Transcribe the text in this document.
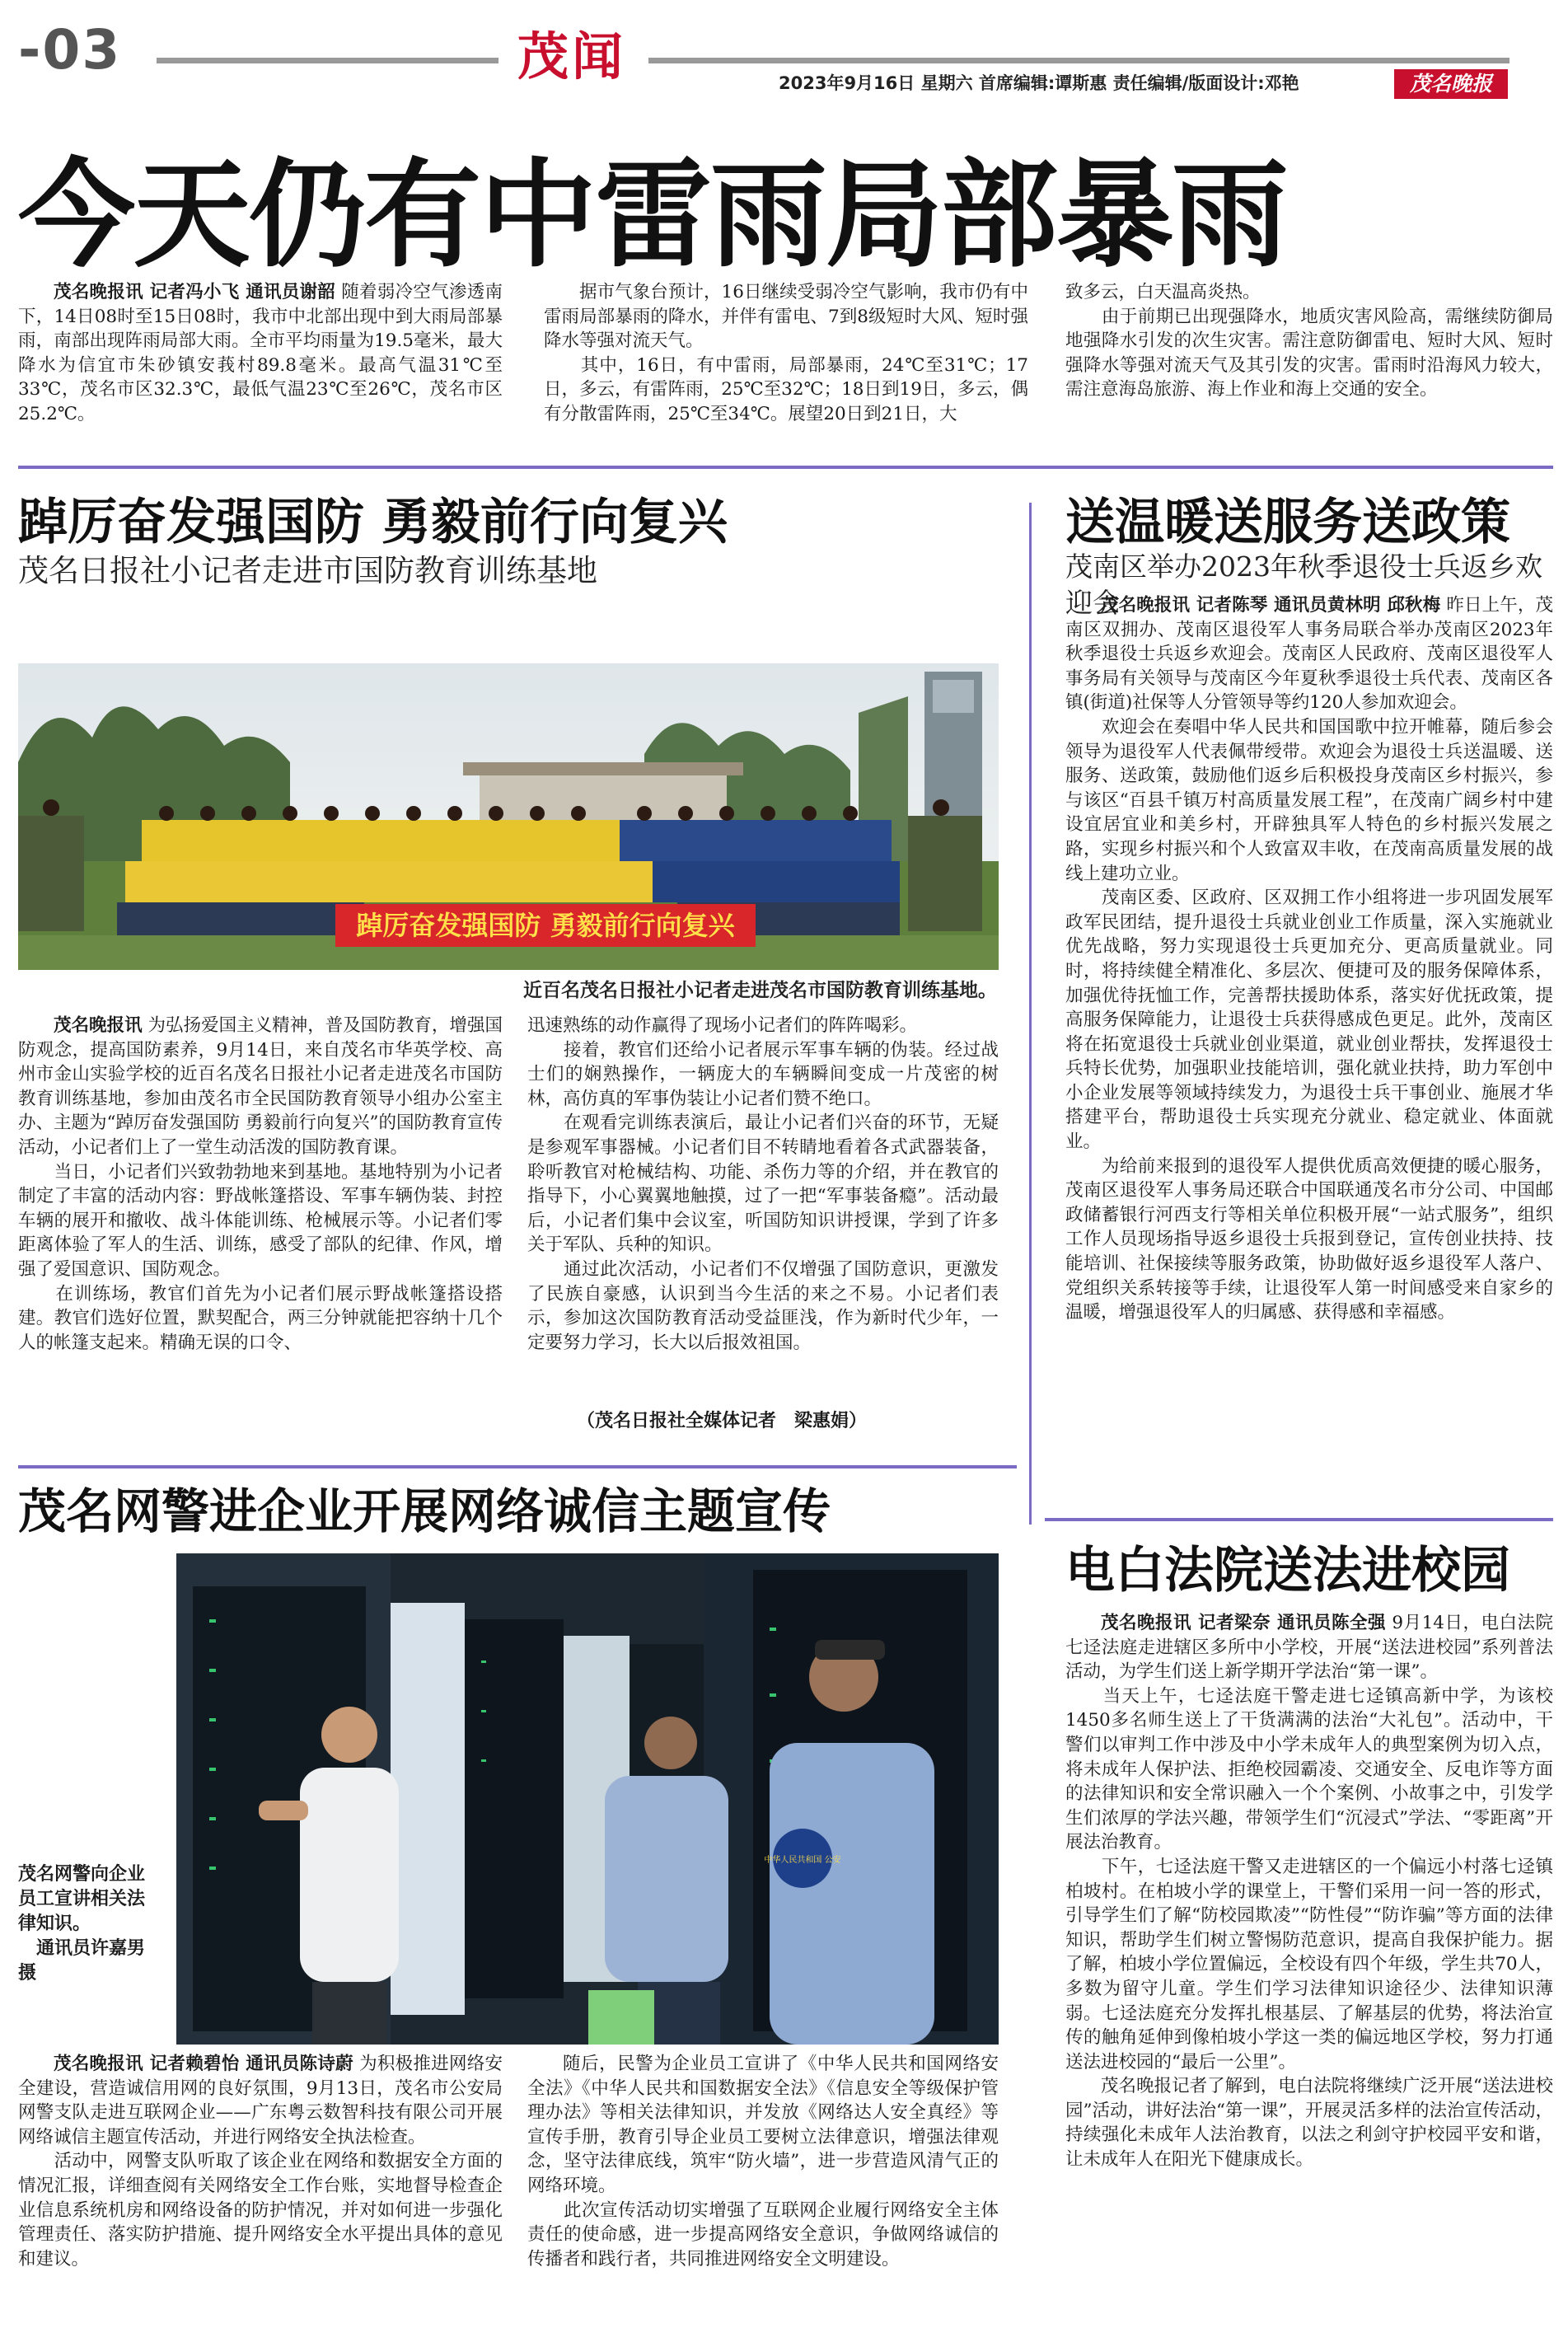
-03	茂闻	2023年9月16日 星期六 首席编辑:谭斯惠 责任编辑/版面设计:邓艳	茂名晚报
今天仍有中雷雨局部暴雨

茂名晚报讯 记者冯小飞 通讯员谢韶 随着弱冷空气渗透南下，14日08时至15日08时，我市中北部出现中到大雨局部暴雨，南部出现阵雨局部大雨。全市平均雨量为19.5毫米，最大降水为信宜市朱砂镇安莪村89.8毫米。最高气温31℃至33℃，茂名市区32.3℃，最低气温23℃至26℃，茂名市区25.2℃。

据市气象台预计，16日继续受弱冷空气影响，我市仍有中雷雨局部暴雨的降水，并伴有雷电、7到8级短时大风、短时强降水等强对流天气。
　　其中，16日，有中雷雨，局部暴雨，24℃至31℃；17日，多云，有雷阵雨，25℃至32℃；18日到19日，多云，偶有分散雷阵雨，25℃至34℃。展望20日到21日，大

致多云，白天温高炎热。
　　由于前期已出现强降水，地质灾害风险高，需继续防御局地强降水引发的次生灾害。需注意防御雷电、短时大风、短时强降水等强对流天气及其引发的灾害。雷雨时沿海风力较大，需注意海岛旅游、海上作业和海上交通的安全。

踔厉奋发强国防 勇毅前行向复兴
茂名日报社小记者走进市国防教育训练基地
踔厉奋发强国防 勇毅前行向复兴
近百名茂名日报社小记者走进茂名市国防教育训练基地。

茂名晚报讯 为弘扬爱国主义精神，普及国防教育，增强国防观念，提高国防素养，9月14日，来自茂名市华英学校、高州市金山实验学校的近百名茂名日报社小记者走进茂名市国防教育训练基地，参加由茂名市全民国防教育领导小组办公室主办、主题为“踔厉奋发强国防 勇毅前行向复兴”的国防教育宣传活动，小记者们上了一堂生动活泼的国防教育课。
　　当日，小记者们兴致勃勃地来到基地。基地特别为小记者制定了丰富的活动内容：野战帐篷搭设、军事车辆伪装、封控车辆的展开和撤收、战斗体能训练、枪械展示等。小记者们零距离体验了军人的生活、训练，感受了部队的纪律、作风，增强了爱国意识、国防观念。
　　在训练场，教官们首先为小记者们展示野战帐篷搭设搭建。教官们选好位置，默契配合，两三分钟就能把容纳十几个人的帐篷支起来。精确无误的口令、

迅速熟练的动作赢得了现场小记者们的阵阵喝彩。
　　接着，教官们还给小记者展示军事车辆的伪装。经过战士们的娴熟操作，一辆庞大的车辆瞬间变成一片茂密的树林，高仿真的军事伪装让小记者们赞不绝口。
　　在观看完训练表演后，最让小记者们兴奋的环节，无疑是参观军事器械。小记者们目不转睛地看着各式武器装备，聆听教官对枪械结构、功能、杀伤力等的介绍，并在教官的指导下，小心翼翼地触摸，过了一把“军事装备瘾”。活动最后，小记者们集中会议室，听国防知识讲授课，学到了许多关于军队、兵种的知识。
　　通过此次活动，小记者们不仅增强了国防意识，更激发了民族自豪感，认识到当今生活的来之不易。小记者们表示，参加这次国防教育活动受益匪浅，作为新时代少年，一定要努力学习，长大以后报效祖国。

（茂名日报社全媒体记者　梁惠娟）
送温暖送服务送政策
茂南区举办2023年秋季退役士兵返乡欢迎会

茂名晚报讯 记者陈琴 通讯员黄林明 邱秋梅 昨日上午，茂南区双拥办、茂南区退役军人事务局联合举办茂南区2023年秋季退役士兵返乡欢迎会。茂南区人民政府、茂南区退役军人事务局有关领导与茂南区今年夏秋季退役士兵代表、茂南区各镇(街道)社保等人分管领导等约120人参加欢迎会。
　　欢迎会在奏唱中华人民共和国国歌中拉开帷幕，随后参会领导为退役军人代表佩带绶带。欢迎会为退役士兵送温暖、送服务、送政策，鼓励他们返乡后积极投身茂南区乡村振兴，参与该区“百县千镇万村高质量发展工程”，在茂南广阔乡村中建设宜居宜业和美乡村，开辟独具军人特色的乡村振兴发展之路，实现乡村振兴和个人致富双丰收，在茂南高质量发展的战线上建功立业。
　　茂南区委、区政府、区双拥工作小组将进一步巩固发展军政军民团结，提升退役士兵就业创业工作质量，深入实施就业优先战略，努力实现退役士兵更加充分、更高质量就业。同时，将持续健全精准化、多层次、便捷可及的服务保障体系，加强优待抚恤工作，完善帮扶援助体系，落实好优抚政策，提高服务保障能力，让退役士兵获得感成色更足。此外，茂南区将在拓宽退役士兵就业创业渠道，就业创业帮扶，发挥退役士兵特长优势，加强职业技能培训，强化就业扶持，助力军创中小企业发展等领域持续发力，为退役士兵干事创业、施展才华搭建平台，帮助退役士兵实现充分就业、稳定就业、体面就业。
　　为给前来报到的退役军人提供优质高效便捷的暖心服务，茂南区退役军人事务局还联合中国联通茂名市分公司、中国邮政储蓄银行河西支行等相关单位积极开展“一站式服务”，组织工作人员现场指导返乡退役士兵报到登记，宣传创业扶持、技能培训、社保接续等服务政策，协助做好返乡退役军人落户、党组织关系转接等手续，让退役军人第一时间感受来自家乡的温暖，增强退役军人的归属感、获得感和幸福感。

茂名网警进企业开展网络诚信主题宣传
中华人民共和国 公安

茂名网警向企业员工宣讲相关法律知识。
　通讯员许嘉男摄

茂名晚报讯 记者赖碧怡 通讯员陈诗蔚 为积极推进网络安全建设，营造诚信用网的良好氛围，9月13日，茂名市公安局网警支队走进互联网企业——广东粤云数智科技有限公司开展网络诚信主题宣传活动，并进行网络安全执法检查。
　　活动中，网警支队听取了该企业在网络和数据安全方面的情况汇报，详细查阅有关网络安全工作台账，实地督导检查企业信息系统机房和网络设备的防护情况，并对如何进一步强化管理责任、落实防护措施、提升网络安全水平提出具体的意见和建议。

随后，民警为企业员工宣讲了《中华人民共和国网络安全法》《中华人民共和国数据安全法》《信息安全等级保护管理办法》等相关法律知识，并发放《网络达人安全真经》等宣传手册，教育引导企业员工要树立法律意识，增强法律观念，坚守法律底线，筑牢“防火墙”，进一步营造风清气正的网络环境。
　　此次宣传活动切实增强了互联网企业履行网络安全主体责任的使命感，进一步提高网络安全意识，争做网络诚信的传播者和践行者，共同推进网络安全文明建设。

电白法院送法进校园

茂名晚报讯 记者梁奈 通讯员陈全强 9月14日，电白法院七迳法庭走进辖区多所中小学校，开展“送法进校园”系列普法活动，为学生们送上新学期开学法治“第一课”。
　　当天上午，七迳法庭干警走进七迳镇高新中学，为该校1450多名师生送上了干货满满的法治“大礼包”。活动中，干警们以审判工作中涉及中小学未成年人的典型案例为切入点，将未成年人保护法、拒绝校园霸凌、交通安全、反电诈等方面的法律知识和安全常识融入一个个案例、小故事之中，引发学生们浓厚的学法兴趣，带领学生们“沉浸式”学法、“零距离”开展法治教育。
　　下午，七迳法庭干警又走进辖区的一个偏远小村落七迳镇柏坡村。在柏坡小学的课堂上，干警们采用一问一答的形式，引导学生们了解“防校园欺凌”“防性侵”“防诈骗”等方面的法律知识，帮助学生们树立警惕防范意识，提高自我保护能力。据了解，柏坡小学位置偏远，全校设有四个年级，学生共70人，多数为留守儿童。学生们学习法律知识途径少、法律知识薄弱。七迳法庭充分发挥扎根基层、了解基层的优势，将法治宣传的触角延伸到像柏坡小学这一类的偏远地区学校，努力打通送法进校园的“最后一公里”。
　　茂名晚报记者了解到，电白法院将继续广泛开展“送法进校园”活动，讲好法治“第一课”，开展灵活多样的法治宣传活动，持续强化未成年人法治教育，以法之利剑守护校园平安和谐，让未成年人在阳光下健康成长。
